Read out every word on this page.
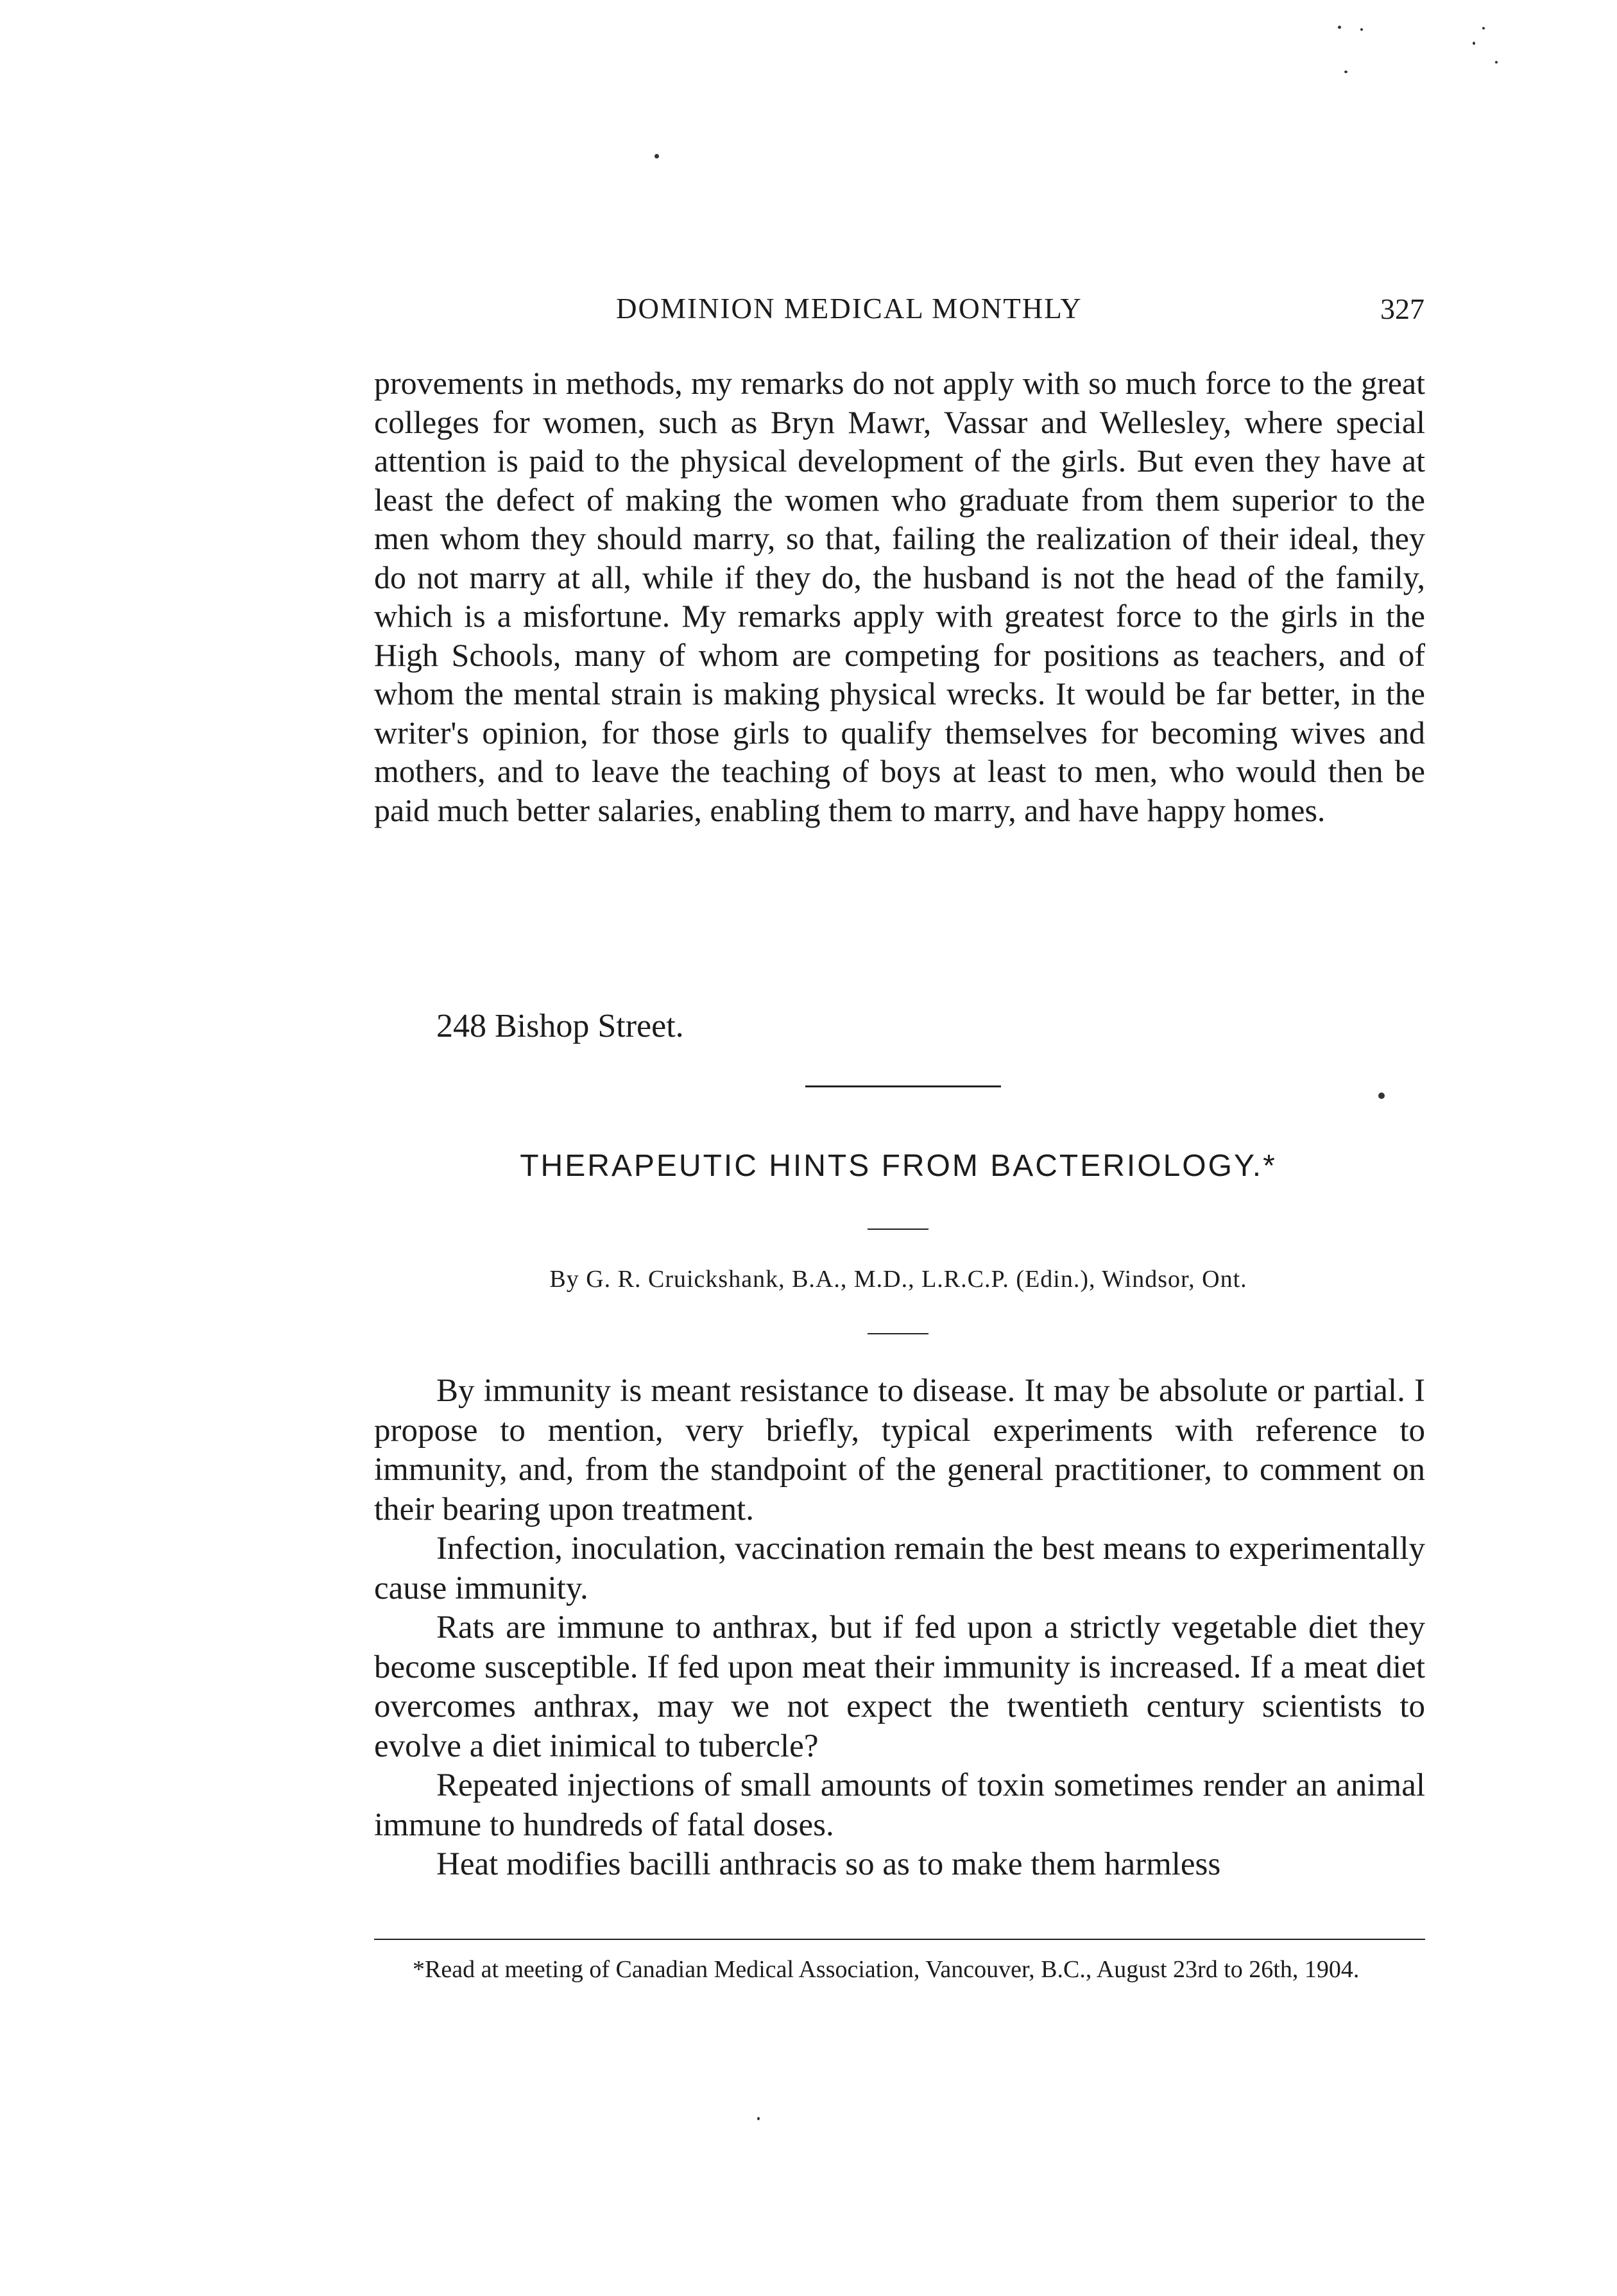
DOMINION MEDICAL MONTHLY	327
provements in methods, my remarks do not apply with so much force to the great colleges for women, such as Bryn Mawr, Vassar and Wellesley, where special attention is paid to the physical development of the girls. But even they have at least the defect of making the women who graduate from them superior to the men whom they should marry, so that, failing the realization of their ideal, they do not marry at all, while if they do, the husband is not the head of the family, which is a misfortune. My remarks apply with greatest force to the girls in the High Schools, many of whom are competing for positions as teachers, and of whom the mental strain is making physical wrecks. It would be far better, in the writer's opinion, for those girls to qualify themselves for becoming wives and mothers, and to leave the teaching of boys at least to men, who would then be paid much better salaries, enabling them to marry, and have happy homes.
248 Bishop Street.
THERAPEUTIC HINTS FROM BACTERIOLOGY.*
By G. R. Cruickshank, B.A., M.D., L.R.C.P. (Edin.), Windsor, Ont.

By immunity is meant resistance to disease. It may be absolute or partial. I propose to mention, very briefly, typical experiments with reference to immunity, and, from the standpoint of the general practitioner, to comment on their bearing upon treatment.

Infection, inoculation, vaccination remain the best means to experimentally cause immunity.

Rats are immune to anthrax, but if fed upon a strictly vegetable diet they become susceptible. If fed upon meat their immunity is increased. If a meat diet overcomes anthrax, may we not expect the twentieth century scientists to evolve a diet inimical to tubercle?

Repeated injections of small amounts of toxin sometimes render an animal immune to hundreds of fatal doses.

Heat modifies bacilli anthracis so as to make them harmless

*Read at meeting of Canadian Medical Association, Vancouver, B.C., August 23rd to 26th, 1904.
